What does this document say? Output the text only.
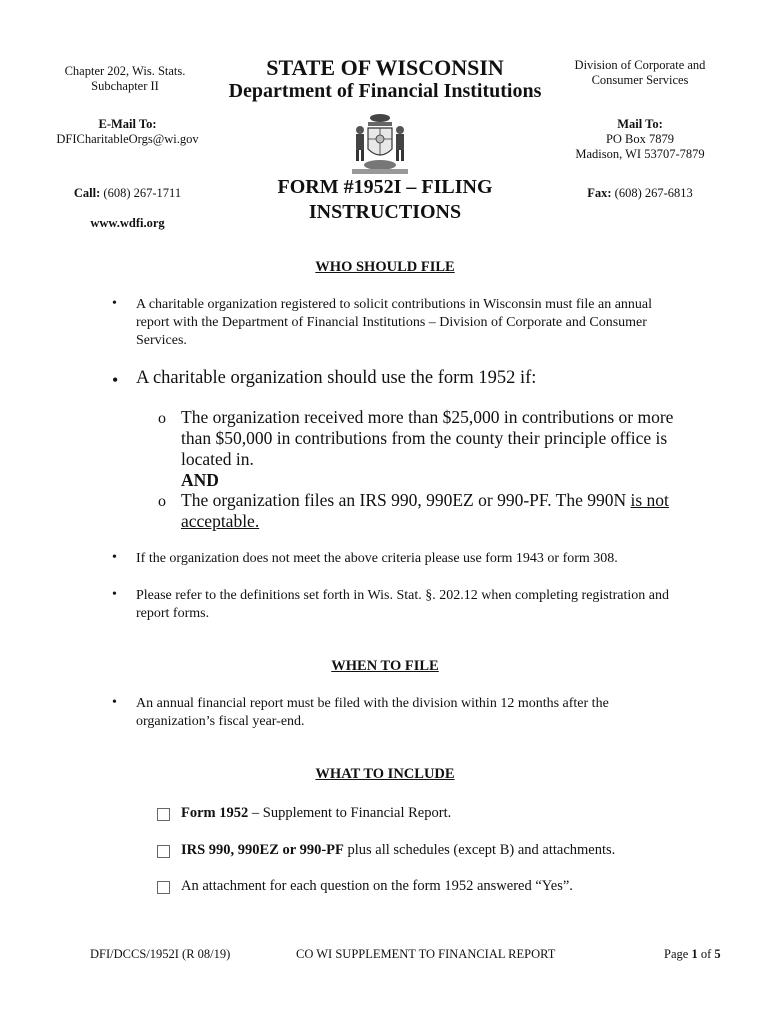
Chapter 202, Wis. Stats.
Subchapter II
STATE OF WISCONSIN
Department of Financial Institutions
Division of Corporate and
Consumer Services
E-Mail To:
DFICharitableOrgs@wi.gov
Mail To:
PO Box 7879
Madison, WI 53707-7879
Call: (608) 267-1711	FORM #1952I – FILING
INSTRUCTIONS
Fax: (608) 267-6813
www.wdfi.org
WHO SHOULD FILE
• A charitable organization registered to solicit contributions in Wisconsin must file an annual report with the Department of Financial Institutions – Division of Corporate and Consumer Services.
• A charitable organization should use the form 1952 if:
o The organization received more than $25,000 in contributions or more than $50,000 in contributions from the county their principle office is located in.
AND
o The organization files an IRS 990, 990EZ or 990-PF. The 990N is not acceptable.
• If the organization does not meet the above criteria please use form 1943 or form 308.
• Please refer to the definitions set forth in Wis. Stat. §. 202.12 when completing registration and report forms.
WHEN TO FILE
• An annual financial report must be filed with the division within 12 months after the organization’s fiscal year-end.
WHAT TO INCLUDE
Form 1952 – Supplement to Financial Report.
IRS 990, 990EZ or 990-PF plus all schedules (except B) and attachments.
An attachment for each question on the form 1952 answered “Yes”.
DFI/DCCS/1952I (R 08/19)	CO WI SUPPLEMENT TO FINANCIAL REPORT	Page 1 of 5
